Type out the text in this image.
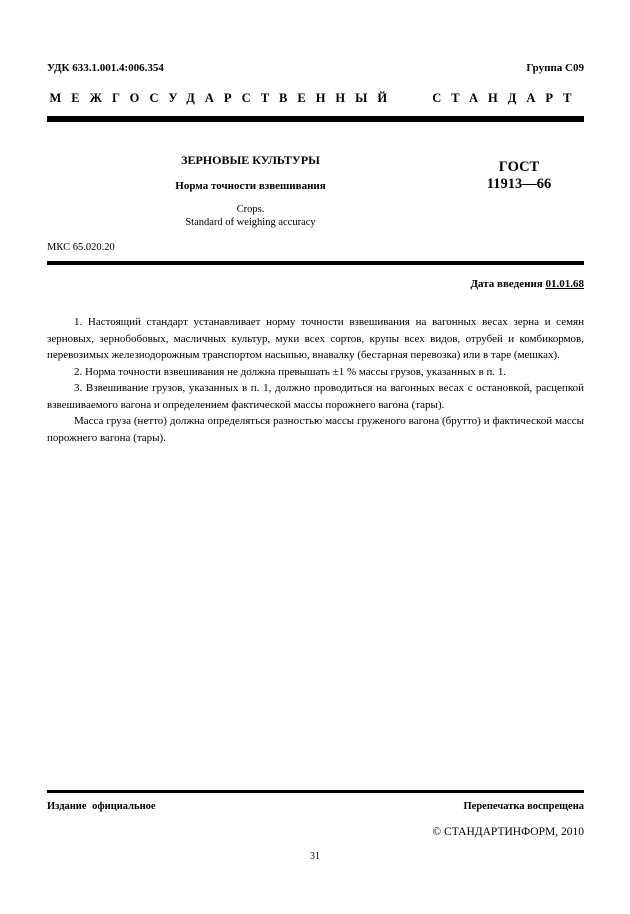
УДК 633.1.001.4:006.354	Группа С09
МЕЖГОСУДАРСТВЕННЫЙ СТАНДАРТ
ЗЕРНОВЫЕ КУЛЬТУРЫ
Норма точности взвешивания
Crops.
Standard of weighing accuracy
ГОСТ
11913—66
МКС 65.020.20
Дата введения 01.01.68

1. Настоящий стандарт устанавливает норму точности взвешивания на вагонных весах зерна и семян зерновых, зернобобовых, масличных культур, муки всех сортов, крупы всех видов, отрубей и комбикормов, перевозимых железнодорожным транспортом насыпью, внавалку (бестарная перевозка) или в таре (мешках).

2. Норма точности взвешивания не должна превышать ±1 % массы грузов, указанных в п. 1.

3. Взвешивание грузов, указанных в п. 1, должно проводиться на вагонных весах с остановкой, расцепкой взвешиваемого вагона и определением фактической массы порожнего вагона (тары).

Масса груза (нетто) должна определяться разностью массы груженого вагона (брутто) и фактической массы порожнего вагона (тары).

Издание официальное	Перепечатка воспрещена
© СТАНДАРТИНФОРМ, 2010
31
